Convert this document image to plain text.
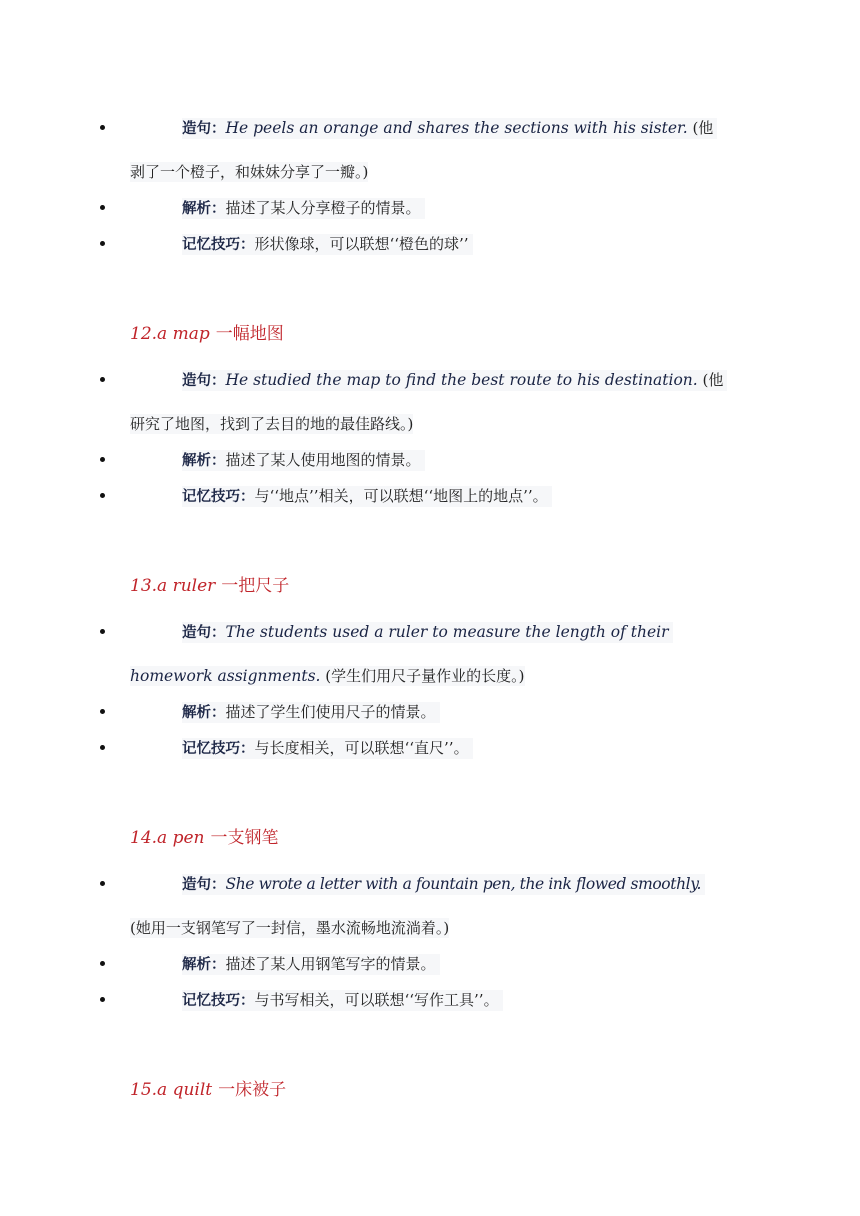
造句：He peels an orange and shares the sections with his sister. (他
剥了一个橙子，和妹妹分享了一瓣。)
解析：描述了某人分享橙子的情景。
记忆技巧：形状像球，可以联想‘‘橙色的球’’
12.a map 一幅地图
造句：He studied the map to find the best route to his destination. (他
研究了地图，找到了去目的地的最佳路线。)
解析：描述了某人使用地图的情景。
记忆技巧：与‘‘地点’’相关，可以联想‘‘地图上的地点’’。
13.a ruler 一把尺子
造句：The students used a ruler to measure the length of their
homework assignments. (学生们用尺子量作业的长度。)
解析：描述了学生们使用尺子的情景。
记忆技巧：与长度相关，可以联想‘‘直尺’’。
14.a pen 一支钢笔
造句：She wrote a letter with a fountain pen, the ink flowed smoothly.
(她用一支钢笔写了一封信，墨水流畅地流淌着。)
解析：描述了某人用钢笔写字的情景。
记忆技巧：与书写相关，可以联想‘‘写作工具’’。
15.a quilt 一床被子
